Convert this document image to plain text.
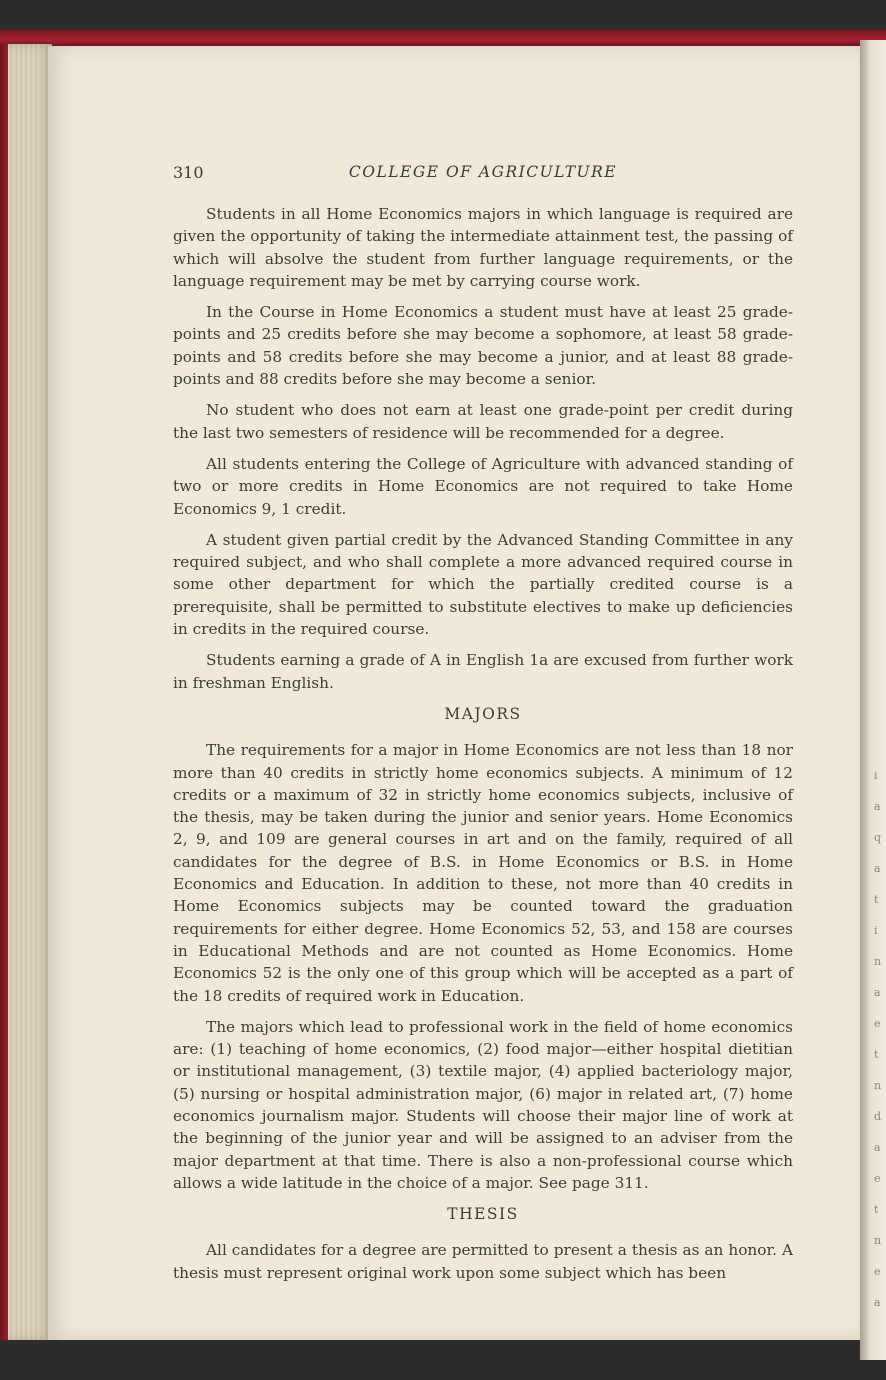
i
a
q
a
t
i
n
a
e
t
n
d
a
e
t
n
e
a
310	COLLEGE OF AGRICULTURE

Students in all Home Economics majors in which language is required are given the opportunity of taking the intermediate attainment test, the passing of which will absolve the student from further language requirements, or the language requirement may be met by carrying course work.

In the Course in Home Economics a student must have at least 25 grade-points and 25 credits before she may become a sophomore, at least 58 grade-points and 58 credits before she may become a junior, and at least 88 grade-points and 88 credits before she may become a senior.

No student who does not earn at least one grade-point per credit during the last two semesters of residence will be recommended for a degree.

All students entering the College of Agriculture with advanced standing of two or more credits in Home Economics are not required to take Home Economics 9, 1 credit.

A student given partial credit by the Advanced Standing Committee in any required subject, and who shall complete a more advanced required course in some other department for which the partially credited course is a prerequisite, shall be permitted to substitute electives to make up deficiencies in credits in the required course.

Students earning a grade of A in English 1a are excused from further work in freshman English.

MAJORS

The requirements for a major in Home Economics are not less than 18 nor more than 40 credits in strictly home economics subjects. A minimum of 12 credits or a maximum of 32 in strictly home economics subjects, inclusive of the thesis, may be taken during the junior and senior years. Home Economics 2, 9, and 109 are general courses in art and on the family, required of all candidates for the degree of B.S. in Home Economics or B.S. in Home Economics and Education. In addition to these, not more than 40 credits in Home Economics subjects may be counted toward the graduation requirements for either degree. Home Economics 52, 53, and 158 are courses in Educational Methods and are not counted as Home Economics. Home Economics 52 is the only one of this group which will be accepted as a part of the 18 credits of required work in Education.

The majors which lead to professional work in the field of home economics are: (1) teaching of home economics, (2) food major—either hospital dietitian or institutional management, (3) textile major, (4) applied bacteriology major, (5) nursing or hospital administration major, (6) major in related art, (7) home economics journalism major. Students will choose their major line of work at the beginning of the junior year and will be assigned to an adviser from the major department at that time. There is also a non-professional course which allows a wide latitude in the choice of a major. See page 311.

THESIS

All candidates for a degree are permitted to present a thesis as an honor. A thesis must represent original work upon some subject which has been
